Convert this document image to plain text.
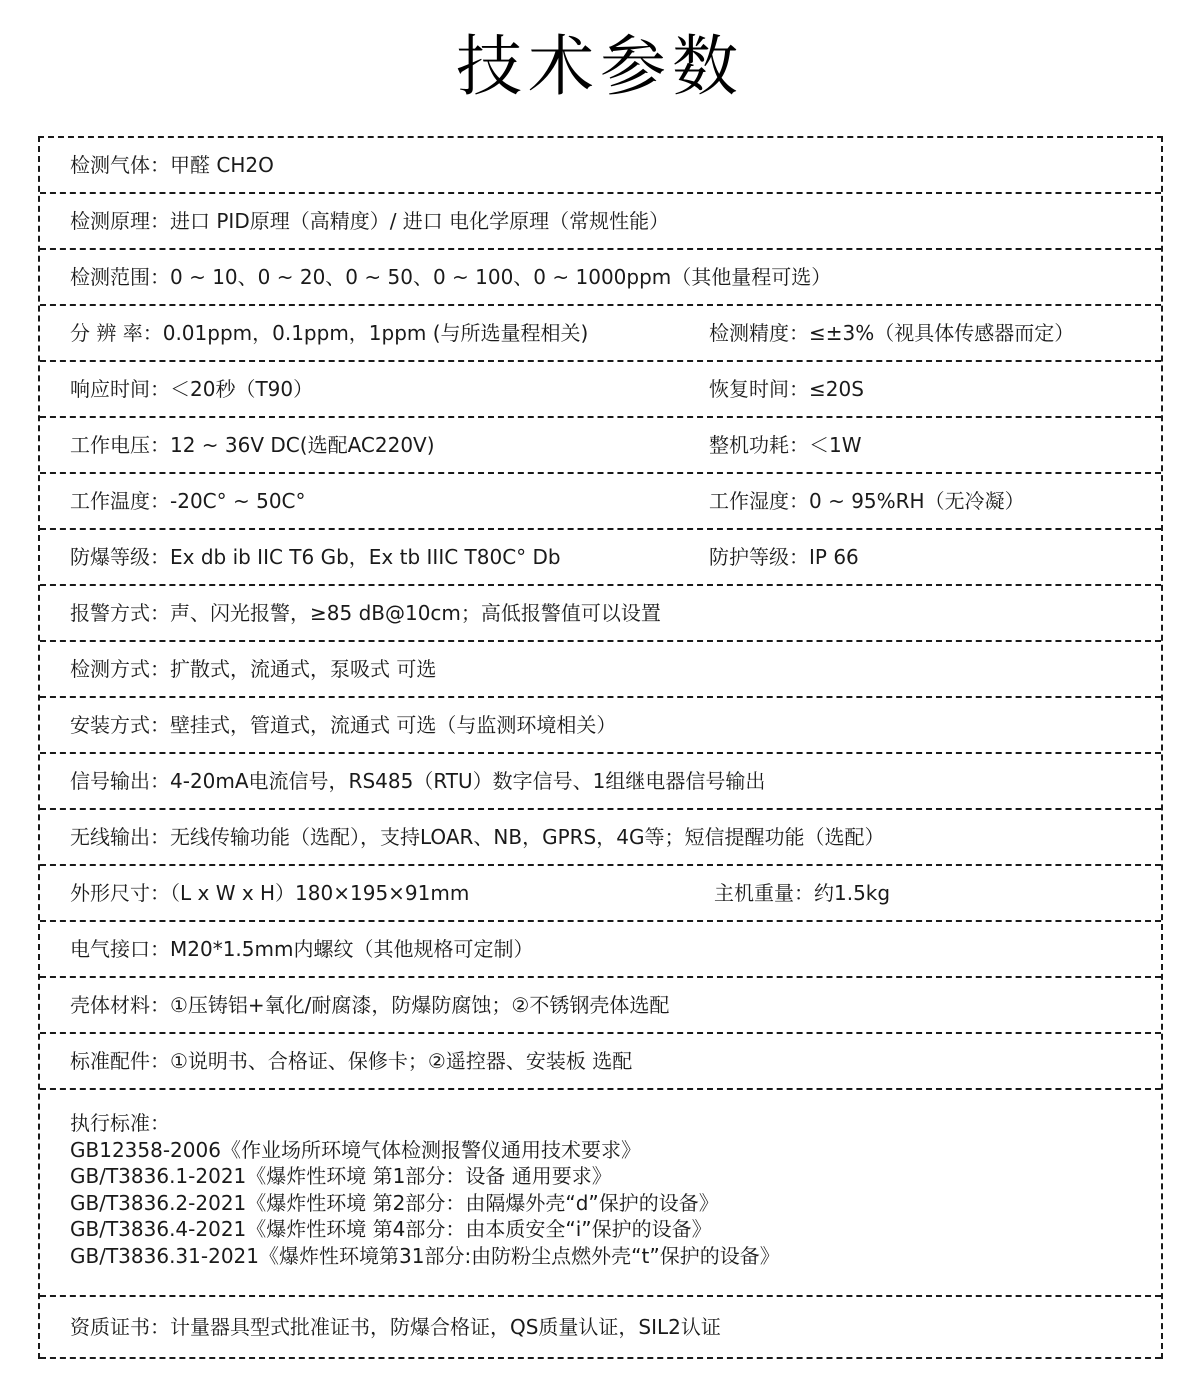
技术参数
检测气体：甲醛 CH2O
检测原理：进口 PID原理（高精度）/ 进口 电化学原理（常规性能）
检测范围：0 ~ 10、0 ~ 20、0 ~ 50、0 ~ 100、0 ~ 1000ppm（其他量程可选）
分 辨 率：0.01ppm，0.1ppm，1ppm (与所选量程相关)	检测精度：≤±3%（视具体传感器而定）
响应时间：＜20秒（T90）	恢复时间：≤20S
工作电压：12 ~ 36V DC(选配AC220V)	整机功耗：＜1W
工作温度：-20C° ~ 50C°	工作湿度：0 ~ 95%RH（无冷凝）
防爆等级：Ex db ib IIC T6 Gb，Ex tb IIIC T80C° Db	防护等级：IP 66
报警方式：声、闪光报警，≥85 dB@10cm；高低报警值可以设置
检测方式：扩散式，流通式，泵吸式 可选
安装方式：壁挂式，管道式，流通式 可选（与监测环境相关）
信号输出：4-20mA电流信号，RS485（RTU）数字信号、1组继电器信号输出
无线输出：无线传输功能（选配），支持LOAR、NB，GPRS，4G等；短信提醒功能（选配）
外形尺寸：（L x W x H）180×195×91mm	主机重量：约1.5kg
电气接口：M20*1.5mm内螺纹（其他规格可定制）
壳体材料：①压铸铝+氧化/耐腐漆，防爆防腐蚀；②不锈钢壳体选配
标准配件：①说明书、合格证、保修卡；②遥控器、安装板 选配
执行标准：
GB12358-2006《作业场所环境气体检测报警仪通用技术要求》
GB/T3836.1-2021《爆炸性环境 第1部分：设备 通用要求》
GB/T3836.2-2021《爆炸性环境 第2部分：由隔爆外壳“d”保护的设备》
GB/T3836.4-2021《爆炸性环境 第4部分：由本质安全“i”保护的设备》
GB/T3836.31-2021《爆炸性环境第31部分:由防粉尘点燃外壳“t”保护的设备》
资质证书：计量器具型式批准证书，防爆合格证，QS质量认证，SIL2认证
